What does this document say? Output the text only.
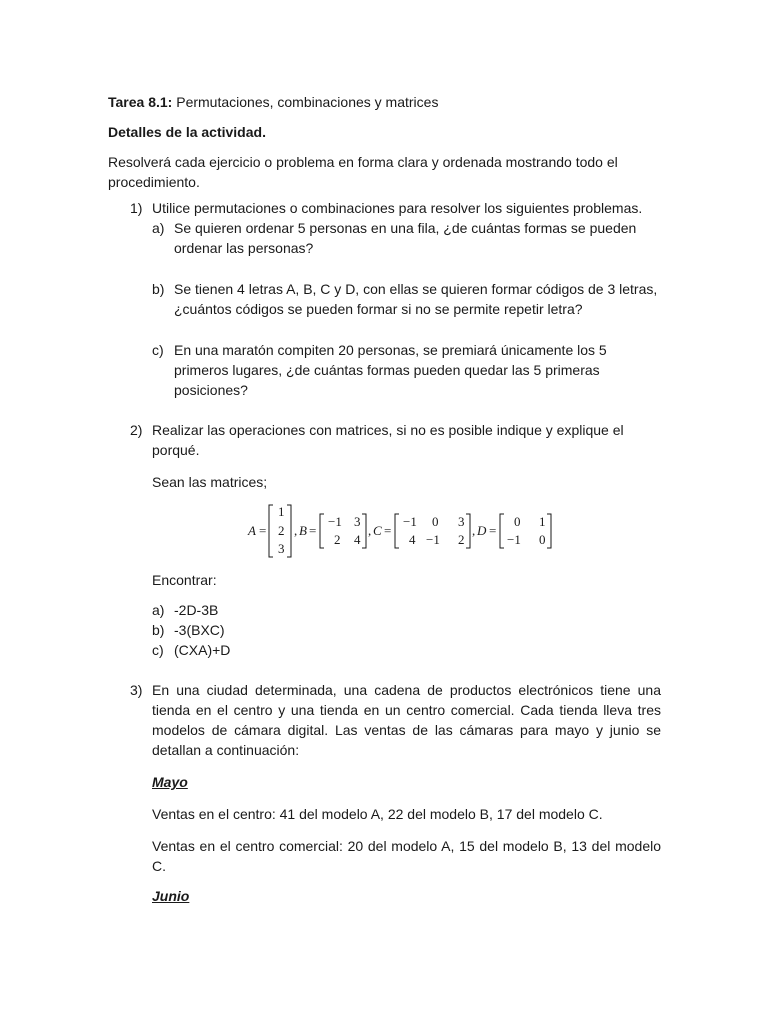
Tarea 8.1: Permutaciones, combinaciones y matrices
Detalles de la actividad.
Resolverá cada ejercicio o problema en forma clara y ordenada mostrando todo el procedimiento.
1) Utilice permutaciones o combinaciones para resolver los siguientes problemas.
a) Se quieren ordenar 5 personas en una fila, ¿de cuántas formas se pueden ordenar las personas?
b) Se tienen 4 letras A, B, C y D, con ellas se quieren formar códigos de 3 letras, ¿cuántos códigos se pueden formar si no se permite repetir letra?
c) En una maratón compiten 20 personas, se premiará únicamente los 5 primeros lugares, ¿de cuántas formas pueden quedar las 5 primeras posiciones?
2) Realizar las operaciones con matrices, si no es posible indique y explique el porqué.
Sean las matrices;
A =
1
2
3
, B =
−1 3
2 4
, C =
−1 0 3
4 −1 2
, D =
0 1
−1 0
Encontrar:
a) -2D-3B
b) -3(BXC)
c) (CXA)+D
3) En una ciudad determinada, una cadena de productos electrónicos tiene una tienda en el centro y una tienda en un centro comercial. Cada tienda lleva tres modelos de cámara digital. Las ventas de las cámaras para mayo y junio se detallan a continuación:
Mayo
Ventas en el centro: 41 del modelo A, 22 del modelo B, 17 del modelo C.
Ventas en el centro comercial: 20 del modelo A, 15 del modelo B, 13 del modelo C.
Junio
